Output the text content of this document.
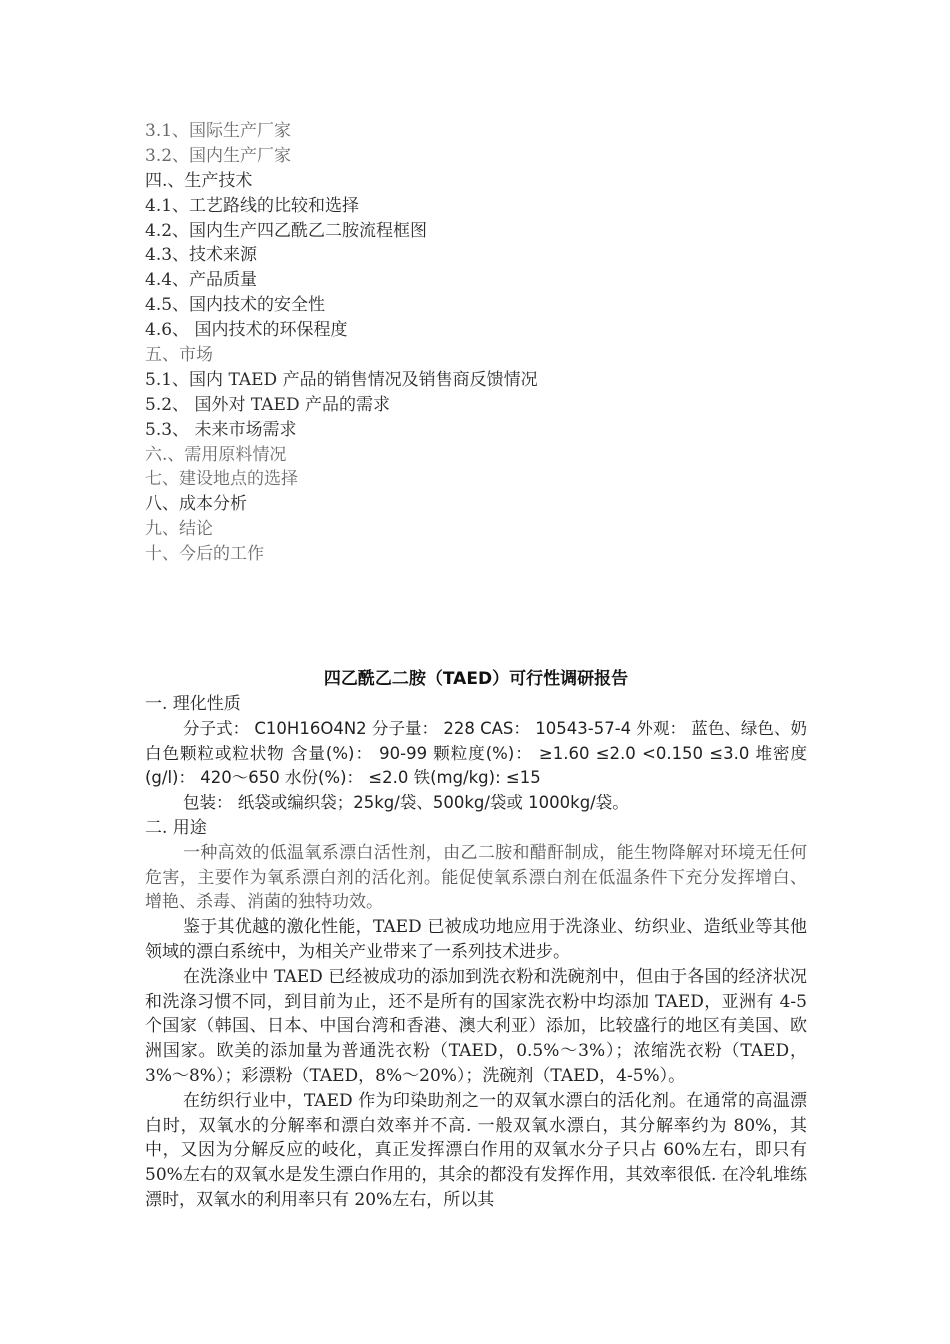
3.1、国际生产厂家
3.2、国内生产厂家
四.、生产技术
4.1、工艺路线的比较和选择
4.2、国内生产四乙酰乙二胺流程框图
4.3、技术来源
4.4、产品质量
4.5、国内技术的安全性
4.6、 国内技术的环保程度
五、市场
5.1、国内 TAED 产品的销售情况及销售商反馈情况
5.2、 国外对 TAED 产品的需求
5.3、 未来市场需求
六.、需用原料情况
七、建设地点的选择
八、成本分析
九、结论
十、今后的工作
四乙酰乙二胺（TAED）可行性调研报告
一. 理化性质
分子式： C10H16O4N2 分子量： 228 CAS： 10543-57-4 外观： 蓝色、绿色、奶白色颗粒或粒状物 含量(%)： 90-99 颗粒度(%)： ≥1.60 ≤2.0 <0.150 ≤3.0 堆密度(g/l)： 420～650 水份(%)： ≤2.0 铁(mg/kg): ≤15
包装： 纸袋或编织袋；25kg/袋、500kg/袋或 1000kg/袋。
二. 用途
一种高效的低温氧系漂白活性剂，由乙二胺和醋酐制成，能生物降解对环境无任何危害，主要作为氧系漂白剂的活化剂。能促使氧系漂白剂在低温条件下充分发挥增白、增艳、杀毒、消菌的独特功效。
鉴于其优越的激化性能，TAED 已被成功地应用于洗涤业、纺织业、造纸业等其他领域的漂白系统中，为相关产业带来了一系列技术进步。
在洗涤业中 TAED 已经被成功的添加到洗衣粉和洗碗剂中，但由于各国的经济状况和洗涤习惯不同，到目前为止，还不是所有的国家洗衣粉中均添加 TAED，亚洲有 4-5 个国家（韩国、日本、中国台湾和香港、澳大利亚）添加，比较盛行的地区有美国、欧洲国家。欧美的添加量为普通洗衣粉（TAED，0.5%～3%）；浓缩洗衣粉（TAED，3%～8%）；彩漂粉（TAED，8%～20%）；洗碗剂（TAED，4-5%）。
在纺织行业中，TAED 作为印染助剂之一的双氧水漂白的活化剂。在通常的高温漂白时，双氧水的分解率和漂白效率并不高. 一般双氧水漂白，其分解率约为 80%，其中，又因为分解反应的岐化，真正发挥漂白作用的双氧水分子只占 60%左右，即只有 50%左右的双氧水是发生漂白作用的，其余的都没有发挥作用，其效率很低. 在冷轧堆练漂时，双氧水的利用率只有 20%左右，所以其
